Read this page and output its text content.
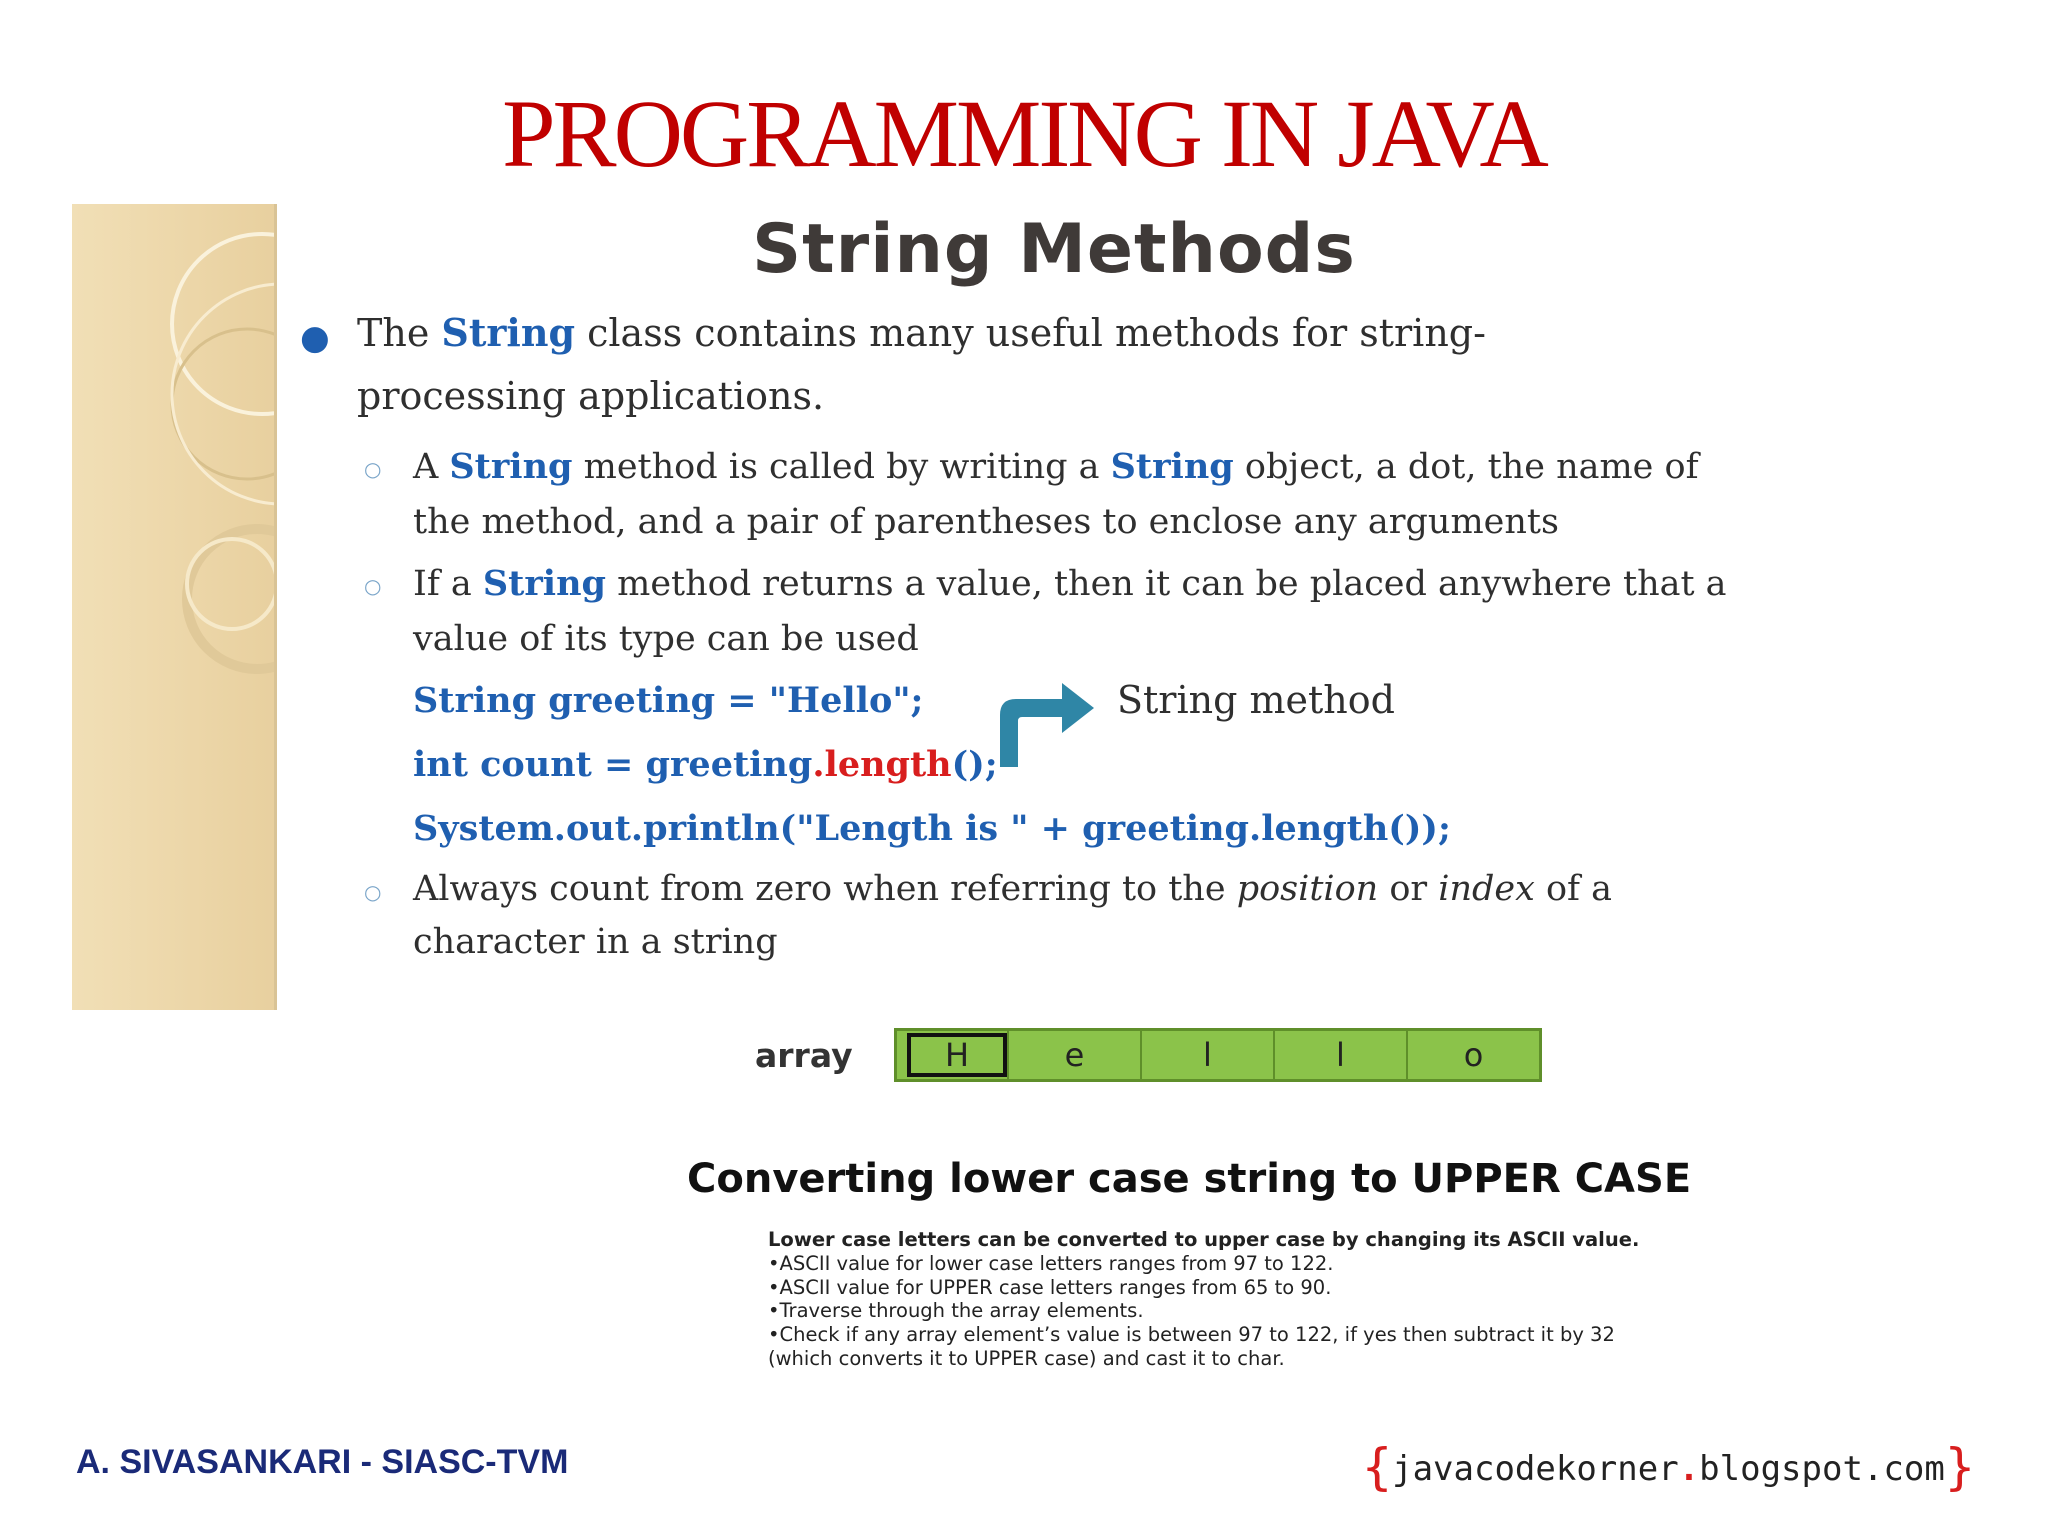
PROGRAMMING IN JAVA
String Methods
● The String class contains many useful methods for string-
processing applications.
○ A String method is called by writing a String object, a dot, the name of
the method, and a pair of parentheses to enclose any arguments
○ If a String method returns a value, then it can be placed anywhere that a
value of its type can be used
String greeting = "Hello";
int count = greeting.length();
System.out.println("Length is " + greeting.length());
String method
○ Always count from zero when referring to the position or index of a
character in a string
array	H	e	l	l	o
Converting lower case string to UPPER CASE
Lower case letters can be converted to upper case by changing its ASCII value.
•ASCII value for lower case letters ranges from 97 to 122.
•ASCII value for UPPER case letters ranges from 65 to 90.
•Traverse through the array elements.
•Check if any array element’s value is between 97 to 122, if yes then subtract it by 32
(which converts it to UPPER case) and cast it to char.
A. SIVASANKARI - SIASC-TVM	{javacodekorner.blogspot.com}
